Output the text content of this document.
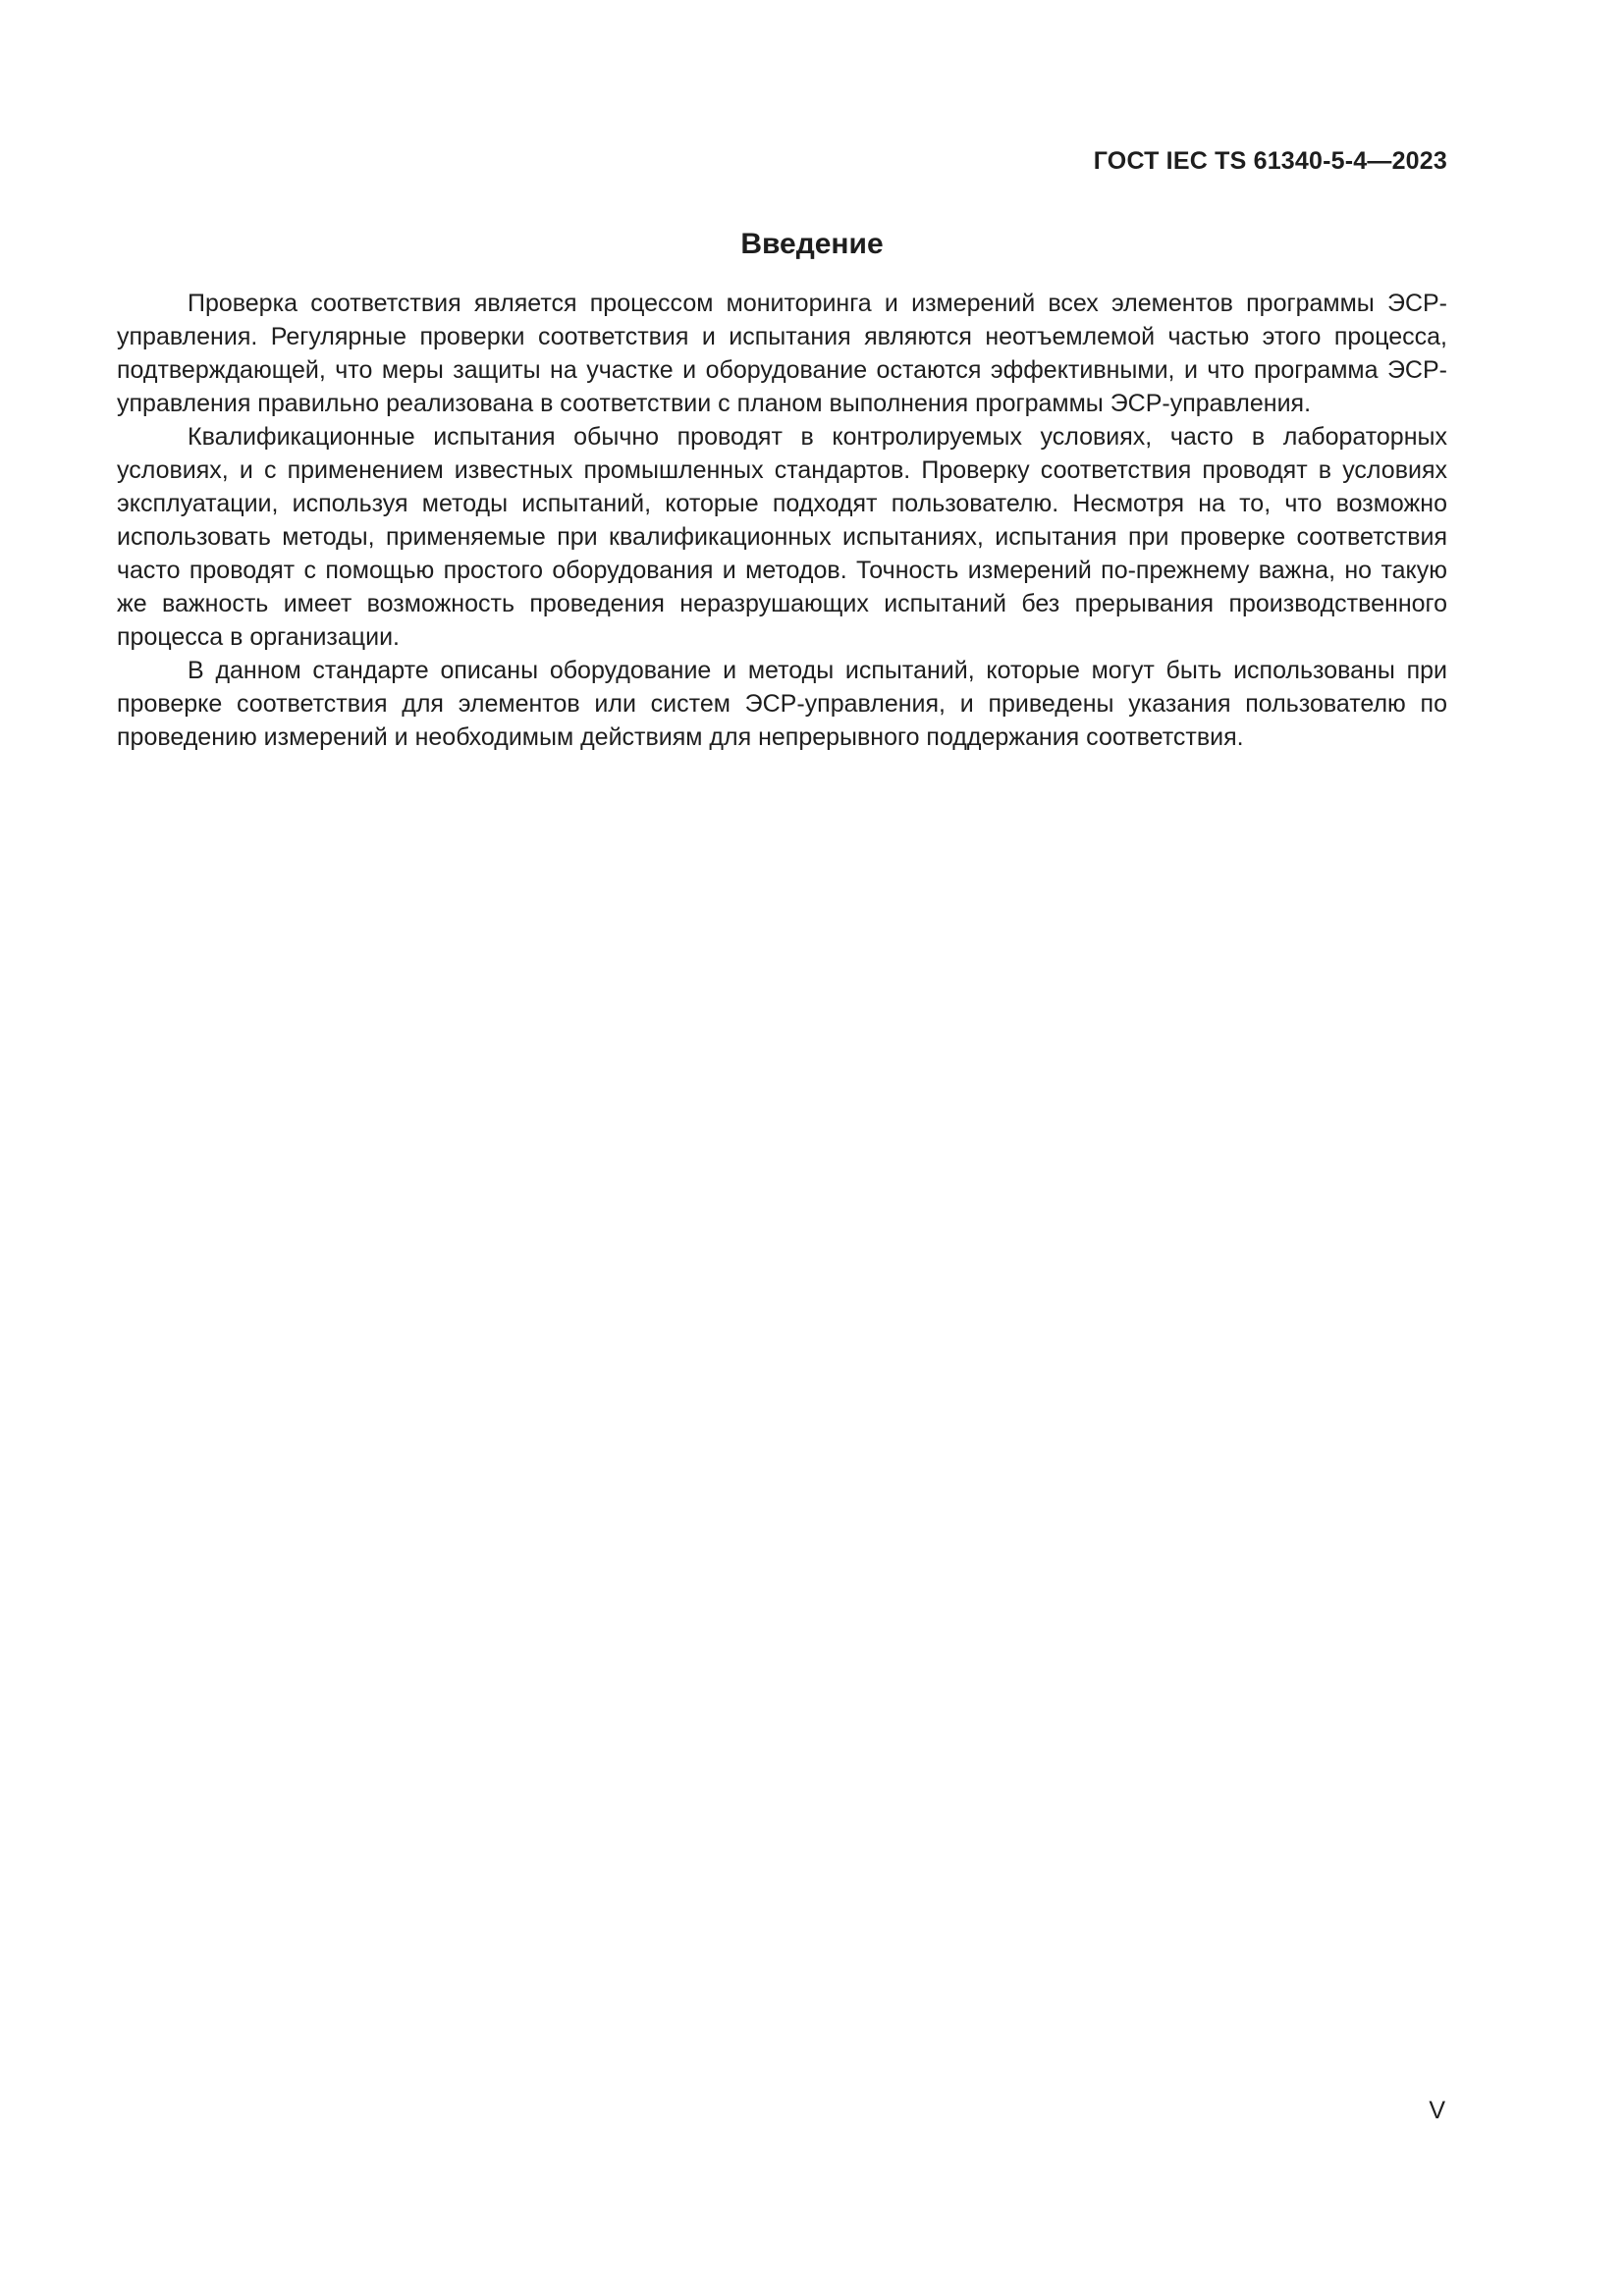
ГОСТ IEC TS 61340-5-4—2023
Введение

Проверка соответствия является процессом мониторинга и измерений всех элементов программы ЭСР-управления. Регулярные проверки соответствия и испытания являются неотъемлемой частью этого процесса, подтверждающей, что меры защиты на участке и оборудование остаются эффективными, и что программа ЭСР-управления правильно реализована в соответствии с планом выполнения программы ЭСР-управления.

Квалификационные испытания обычно проводят в контролируемых условиях, часто в лабораторных условиях, и с применением известных промышленных стандартов. Проверку соответствия проводят в условиях эксплуатации, используя методы испытаний, которые подходят пользователю. Несмотря на то, что возможно использовать методы, применяемые при квалификационных испытаниях, испытания при проверке соответствия часто проводят с помощью простого оборудования и методов. Точность измерений по-прежнему важна, но такую же важность имеет возможность проведения неразрушающих испытаний без прерывания производственного процесса в организации.

В данном стандарте описаны оборудование и методы испытаний, которые могут быть использованы при проверке соответствия для элементов или систем ЭСР-управления, и приведены указания пользователю по проведению измерений и необходимым действиям для непрерывного поддержания соответствия.

V
